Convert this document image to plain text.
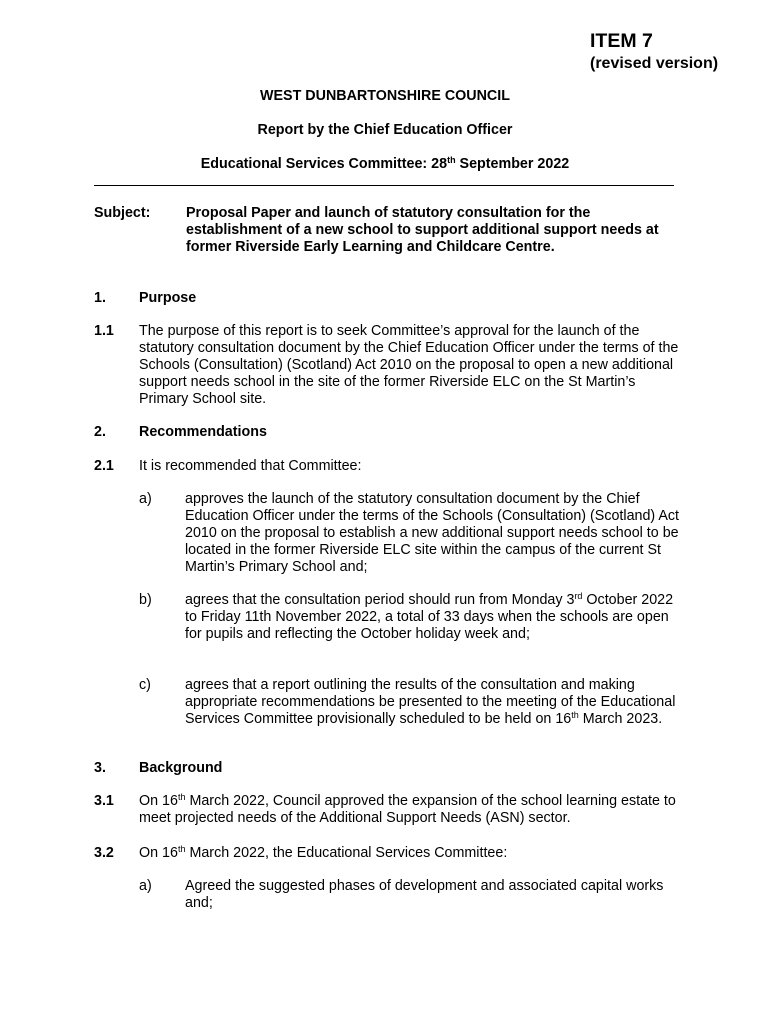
ITEM 7
(revised version)
WEST DUNBARTONSHIRE COUNCIL
Report by the Chief Education Officer
Educational Services Committee: 28th September 2022
Subject: Proposal Paper and launch of statutory consultation for the establishment of a new school to support additional support needs at former Riverside Early Learning and Childcare Centre.
1. Purpose
1.1 The purpose of this report is to seek Committee’s approval for the launch of the statutory consultation document by the Chief Education Officer under the terms of the Schools (Consultation) (Scotland) Act 2010 on the proposal to open a new additional support needs school in the site of the former Riverside ELC on the St Martin’s Primary School site.
2. Recommendations
2.1 It is recommended that Committee:
a) approves the launch of the statutory consultation document by the Chief Education Officer under the terms of the Schools (Consultation) (Scotland) Act 2010 on the proposal to establish a new additional support needs school to be located in the former Riverside ELC site within the campus of the current St Martin’s Primary School and;
b) agrees that the consultation period should run from Monday 3rd October 2022 to Friday 11th November 2022, a total of 33 days when the schools are open for pupils and reflecting the October holiday week and;
c) agrees that a report outlining the results of the consultation and making appropriate recommendations be presented to the meeting of the Educational Services Committee provisionally scheduled to be held on 16th March 2023.
3. Background
3.1 On 16th March 2022, Council approved the expansion of the school learning estate to meet projected needs of the Additional Support Needs (ASN) sector.
3.2 On 16th March 2022, the Educational Services Committee:
a) Agreed the suggested phases of development and associated capital works and;
